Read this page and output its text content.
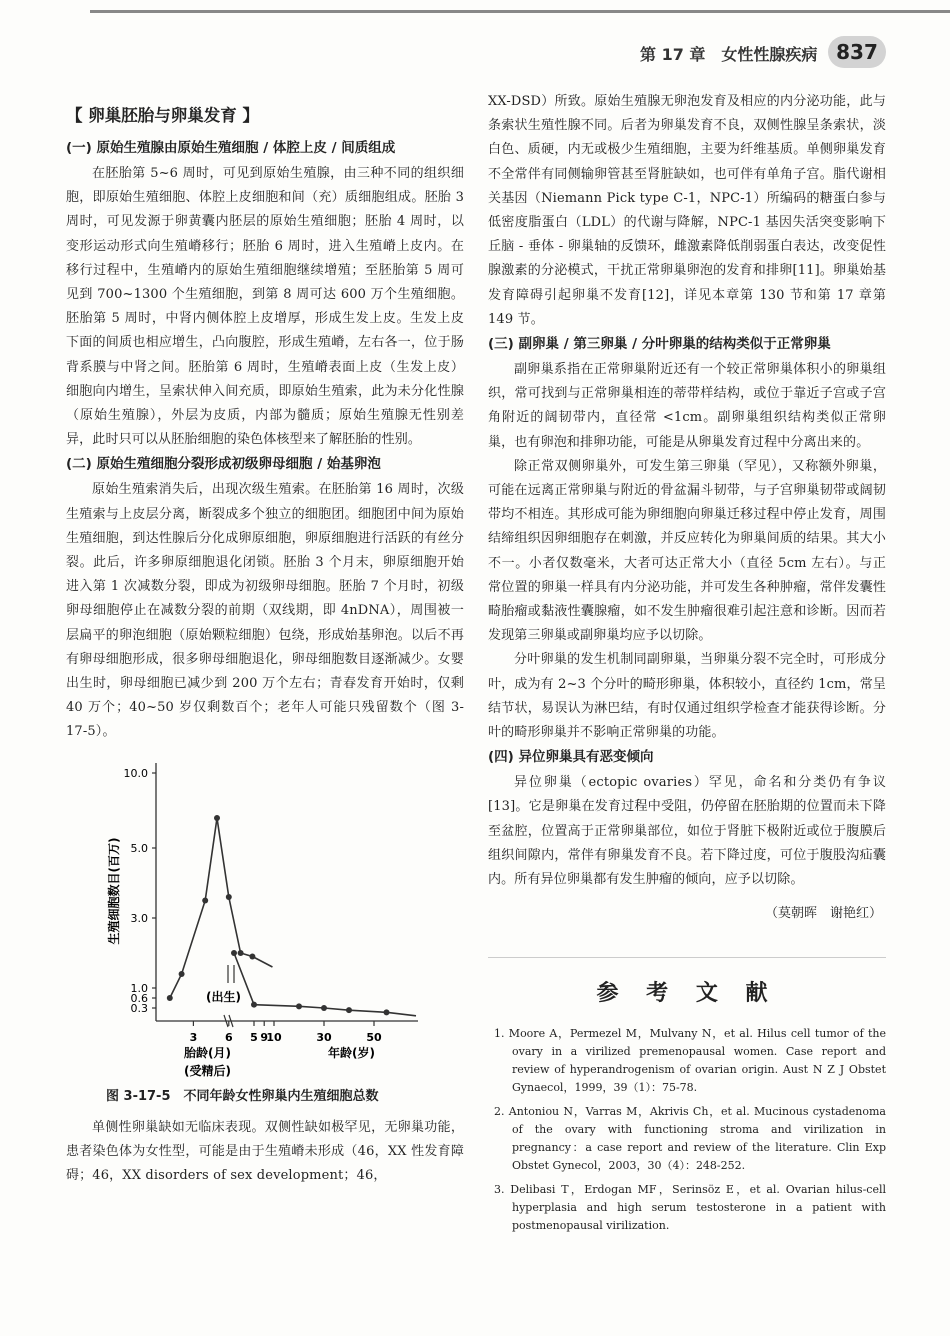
第 17 章　女性性腺疾病 837
【 卵巢胚胎与卵巢发育 】
(一) 原始生殖腺由原始生殖细胞 / 体腔上皮 / 间质组成

在胚胎第 5~6 周时，可见到原始生殖腺，由三种不同的组织细胞，即原始生殖细胞、体腔上皮细胞和间（充）质细胞组成。胚胎 3 周时，可见发源于卵黄囊内胚层的原始生殖细胞；胚胎 4 周时，以变形运动形式向生殖嵴移行；胚胎 6 周时，进入生殖嵴上皮内。在移行过程中，生殖嵴内的原始生殖细胞继续增殖；至胚胎第 5 周可见到 700~1300 个生殖细胞，到第 8 周可达 600 万个生殖细胞。胚胎第 5 周时，中肾内侧体腔上皮增厚，形成生发上皮。生发上皮下面的间质也相应增生，凸向腹腔，形成生殖嵴，左右各一，位于肠背系膜与中肾之间。胚胎第 6 周时，生殖嵴表面上皮（生发上皮）细胞向内增生，呈索状伸入间充质，即原始生殖索，此为未分化性腺（原始生殖腺），外层为皮质，内部为髓质；原始生殖腺无性别差异，此时只可以从胚胎细胞的染色体核型来了解胚胎的性别。

(二) 原始生殖细胞分裂形成初级卵母细胞 / 始基卵泡

原始生殖索消失后，出现次级生殖索。在胚胎第 16 周时，次级生殖索与上皮层分离，断裂成多个独立的细胞团。细胞团中间为原始生殖细胞，到达性腺后分化成卵原细胞，卵原细胞进行活跃的有丝分裂。此后，许多卵原细胞退化闭锁。胚胎 3 个月末，卵原细胞开始进入第 1 次减数分裂，即成为初级卵母细胞。胚胎 7 个月时，初级卵母细胞停止在减数分裂的前期（双线期，即 4nDNA），周围被一层扁平的卵泡细胞（原始颗粒细胞）包绕，形成始基卵泡。以后不再有卵母细胞形成，很多卵母细胞退化，卵母细胞数目逐渐减少。女婴出生时，卵母细胞已减少到 200 万个左右；青春发育开始时，仅剩 40 万个；40~50 岁仅剩数百个；老年人可能只残留数个（图 3-17-5）。

10.0
5.0
3.0
1.0
0.6
0.3
3	6	9
5 10	30	50
生殖细胞数目(百万)
(出生)
胎龄(月)
(受精后)
年龄(岁)
图 3-17-5　不同年龄女性卵巢内生殖细胞总数

单侧性卵巢缺如无临床表现。双侧性缺如极罕见，无卵巢功能，患者染色体为女性型，可能是由于生殖嵴未形成（46，XX 性发育障碍；46，XX disorders of sex development；46，

XX-DSD）所致。原始生殖腺无卵泡发育及相应的内分泌功能，此与条索状生殖性腺不同。后者为卵巢发育不良，双侧性腺呈条索状，淡白色、质硬，内无或极少生殖细胞，主要为纤维基质。单侧卵巢发育不全常伴有同侧输卵管甚至肾脏缺如，也可伴有单角子宫。脂代谢相关基因（Niemann Pick type C-1，NPC-1）所编码的糖蛋白参与低密度脂蛋白（LDL）的代谢与降解，NPC-1 基因失活突变影响下丘脑 - 垂体 - 卵巢轴的反馈环，雌激素降低削弱蛋白表达，改变促性腺激素的分泌模式，干扰正常卵巢卵泡的发育和排卵[11]。卵巢始基发育障碍引起卵巢不发育[12]，详见本章第 130 节和第 17 章第 149 节。

(三) 副卵巢 / 第三卵巢 / 分叶卵巢的结构类似于正常卵巢

副卵巢系指在正常卵巢附近还有一个较正常卵巢体积小的卵巢组织，常可找到与正常卵巢相连的蒂带样结构，或位于靠近子宫或子宫角附近的阔韧带内，直径常 <1cm。副卵巢组织结构类似正常卵巢，也有卵泡和排卵功能，可能是从卵巢发育过程中分离出来的。

除正常双侧卵巢外，可发生第三卵巢（罕见），又称额外卵巢，可能在远离正常卵巢与附近的骨盆漏斗韧带，与子宫卵巢韧带或阔韧带均不相连。其形成可能为卵细胞向卵巢迁移过程中停止发育，周围结缔组织因卵细胞存在刺激，并反应转化为卵巢间质的结果。其大小不一。小者仅数毫米，大者可达正常大小（直径 5cm 左右）。与正常位置的卵巢一样具有内分泌功能，并可发生各种肿瘤，常伴发囊性畸胎瘤或黏液性囊腺瘤，如不发生肿瘤很难引起注意和诊断。因而若发现第三卵巢或副卵巢均应予以切除。

分叶卵巢的发生机制同副卵巢，当卵巢分裂不完全时，可形成分叶，成为有 2~3 个分叶的畸形卵巢，体积较小，直径约 1cm，常呈结节状，易误认为淋巴结，有时仅通过组织学检查才能获得诊断。分叶的畸形卵巢并不影响正常卵巢的功能。

(四) 异位卵巢具有恶变倾向

异位卵巢（ectopic ovaries）罕见，命名和分类仍有争议[13]。它是卵巢在发育过程中受阻，仍停留在胚胎期的位置而未下降至盆腔，位置高于正常卵巢部位，如位于肾脏下极附近或位于腹膜后组织间隙内，常伴有卵巢发育不良。若下降过度，可位于腹股沟疝囊内。所有异位卵巢都有发生肿瘤的倾向，应予以切除。

（莫朝晖　谢艳红）
参 考 文 献
1. Moore A，Permezel M，Mulvany N，et al. Hilus cell tumor of the ovary in a virilized premenopausal women. Case report and review of hyperandrogenism of ovarian origin. Aust N Z J Obstet Gynaecol，1999，39（1）：75-78.
2. Antoniou N，Varras M，Akrivis Ch，et al. Mucinous cystadenoma of the ovary with functioning stroma and virilization in pregnancy：a case report and review of the literature. Clin Exp Obstet Gynecol，2003，30（4）：248-252.
3. Delibasi T，Erdogan MF，Serinsöz E，et al. Ovarian hilus-cell hyperplasia and high serum testosterone in a patient with postmenopausal virilization.
